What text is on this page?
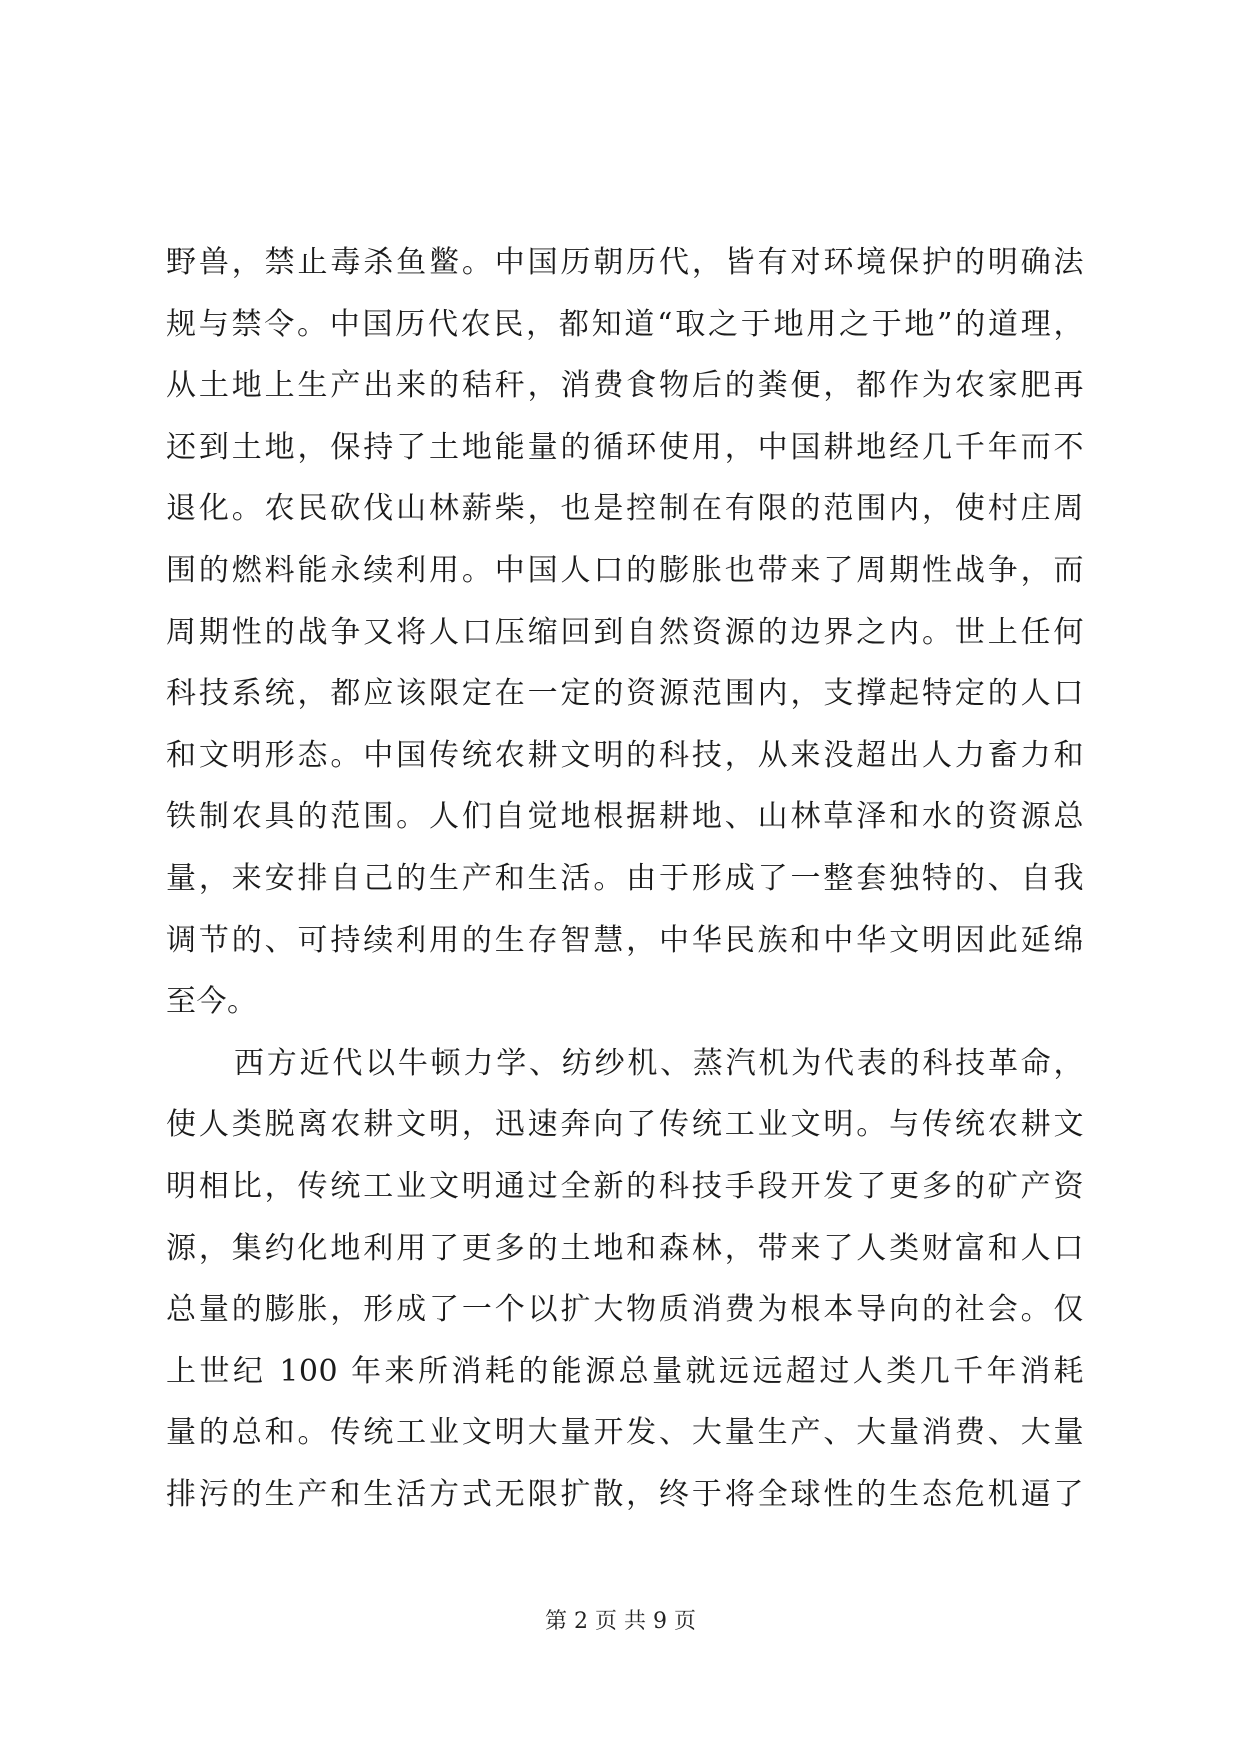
野兽，禁止毒杀鱼鳖。中国历朝历代，皆有对环境保护的明确法
规与禁令。中国历代农民，都知道“取之于地用之于地”的道理，
从土地上生产出来的秸秆，消费食物后的粪便，都作为农家肥再
还到土地，保持了土地能量的循环使用，中国耕地经几千年而不
退化。农民砍伐山林薪柴，也是控制在有限的范围内，使村庄周
围的燃料能永续利用。中国人口的膨胀也带来了周期性战争，而
周期性的战争又将人口压缩回到自然资源的边界之内。世上任何
科技系统，都应该限定在一定的资源范围内，支撑起特定的人口
和文明形态。中国传统农耕文明的科技，从来没超出人力畜力和
铁制农具的范围。人们自觉地根据耕地、山林草泽和水的资源总
量，来安排自己的生产和生活。由于形成了一整套独特的、自我
调节的、可持续利用的生存智慧，中华民族和中华文明因此延绵
至今。
西方近代以牛顿力学、纺纱机、蒸汽机为代表的科技革命，
使人类脱离农耕文明，迅速奔向了传统工业文明。与传统农耕文
明相比，传统工业文明通过全新的科技手段开发了更多的矿产资
源，集约化地利用了更多的土地和森林，带来了人类财富和人口
总量的膨胀，形成了一个以扩大物质消费为根本导向的社会。仅
上世纪 100 年来所消耗的能源总量就远远超过人类几千年消耗
量的总和。传统工业文明大量开发、大量生产、大量消费、大量
排污的生产和生活方式无限扩散，终于将全球性的生态危机逼了
第 2 页 共 9 页
